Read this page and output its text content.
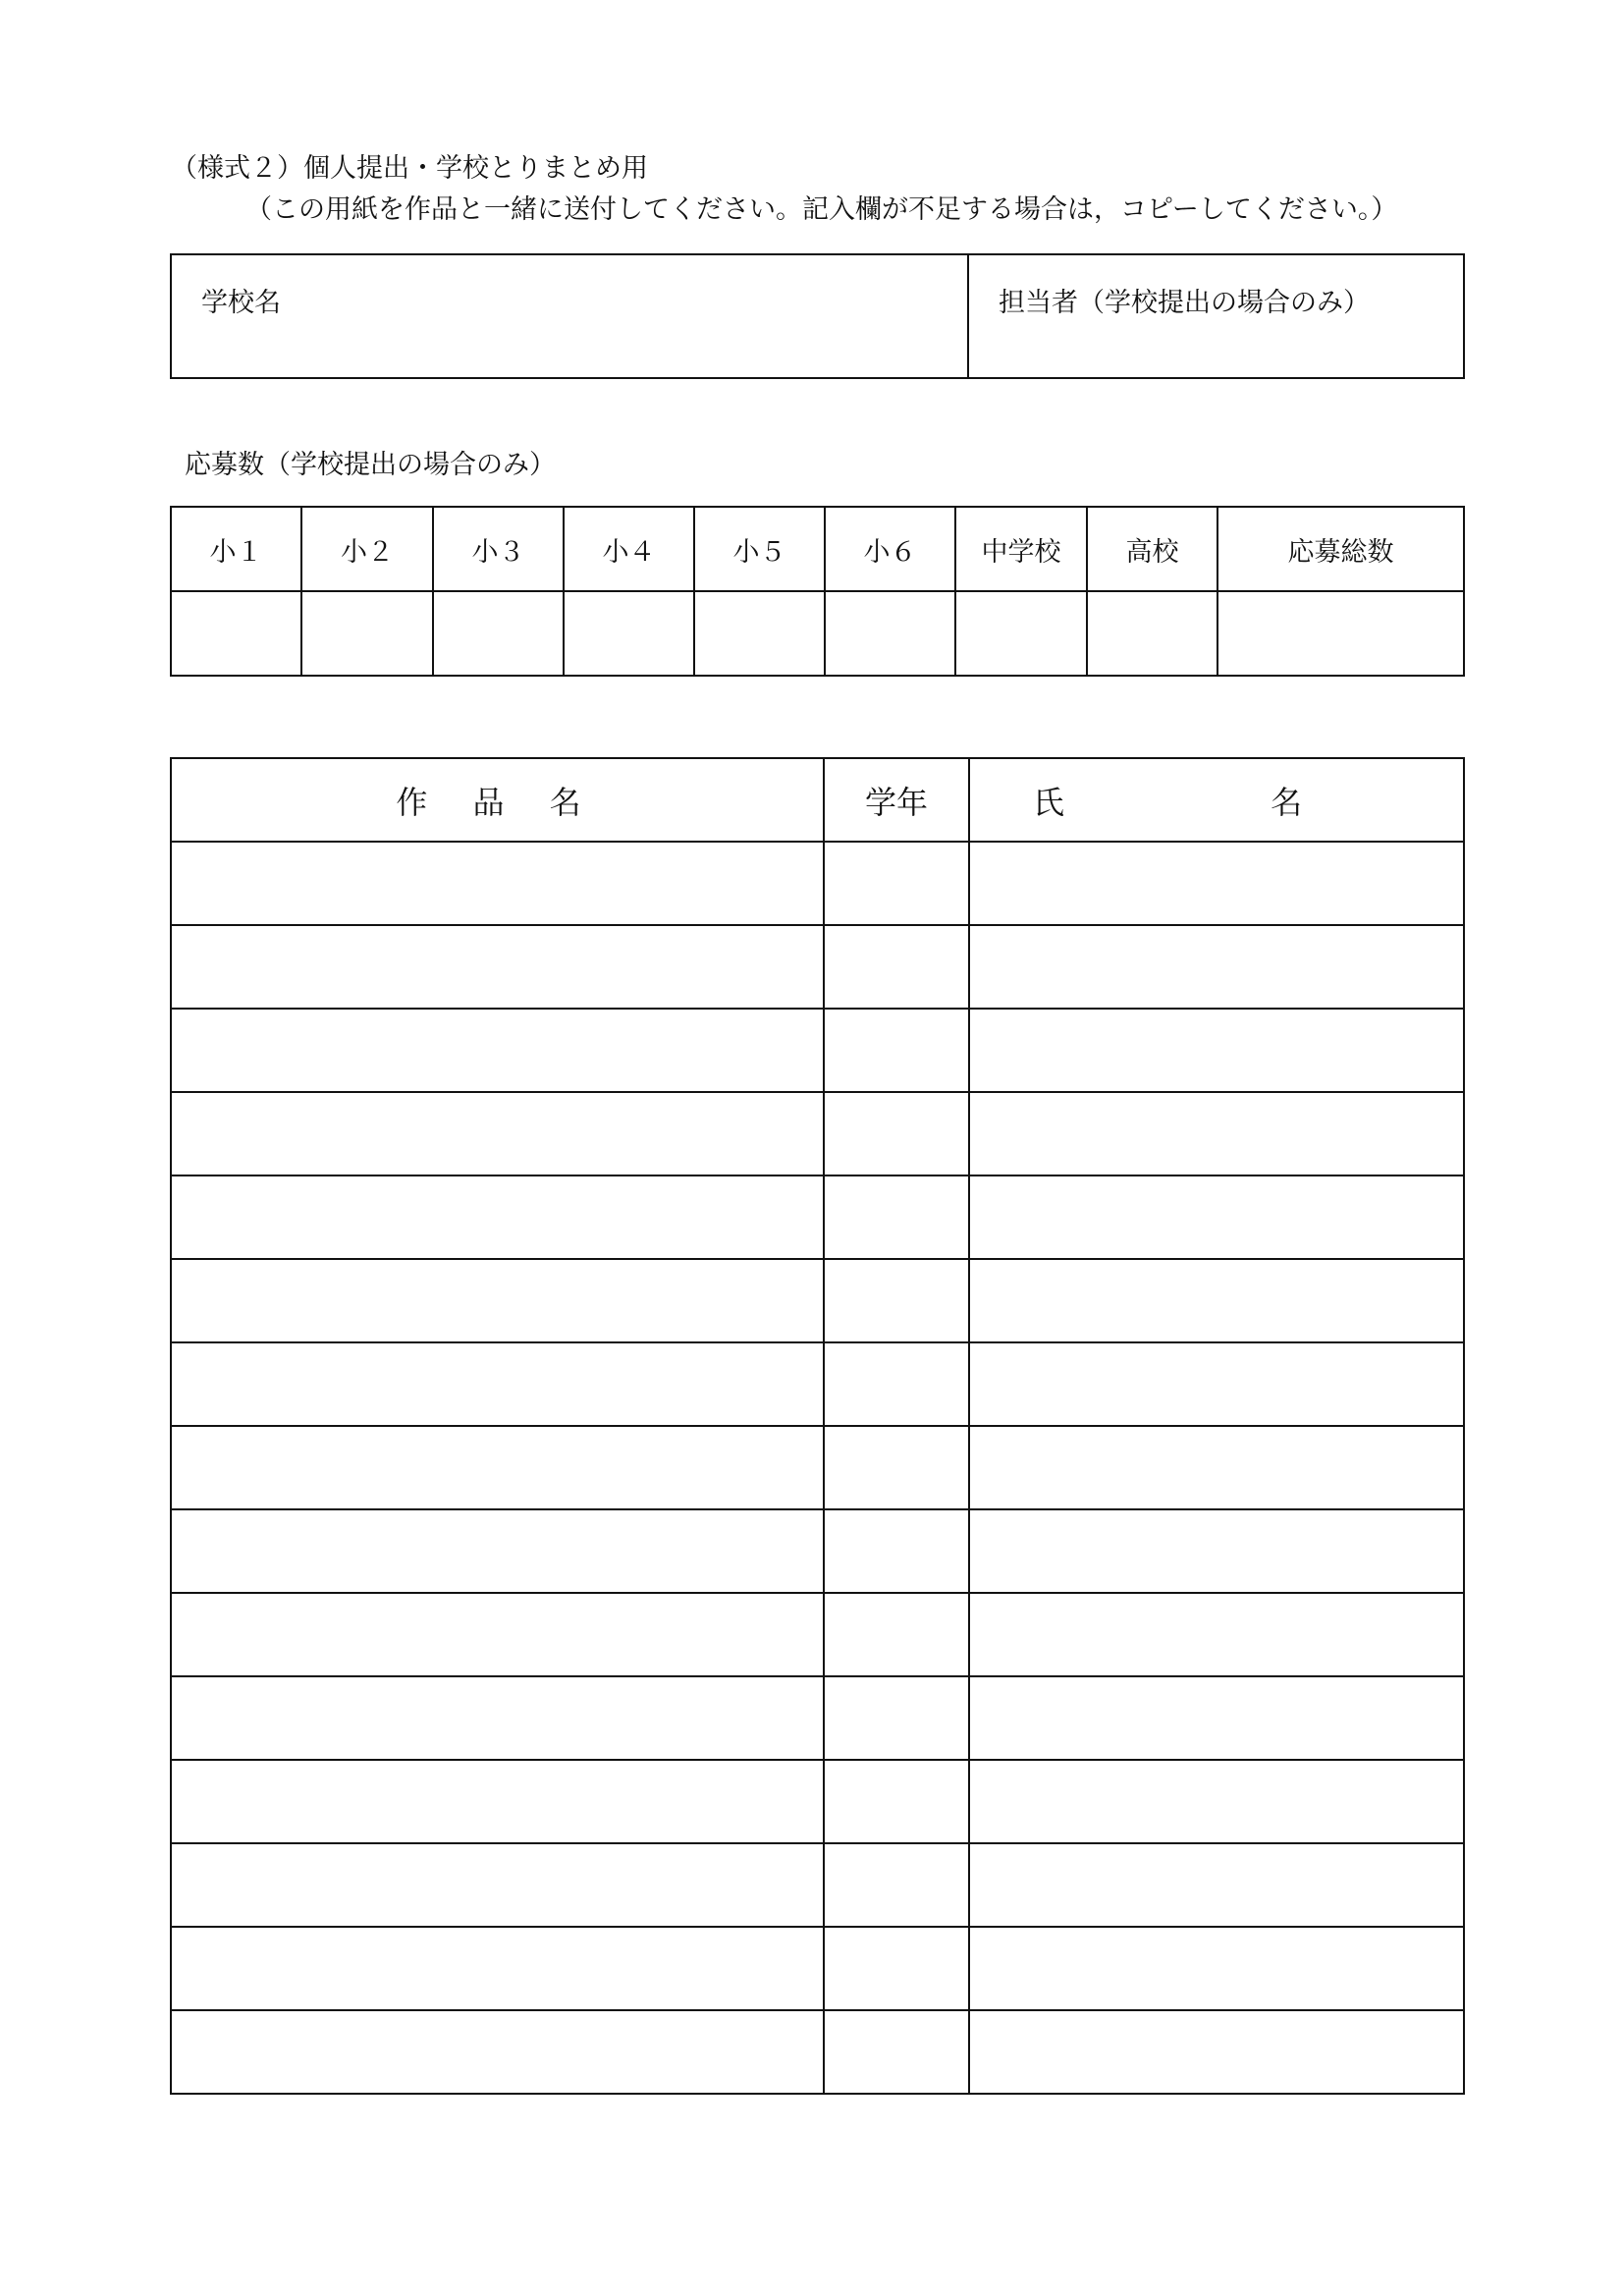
（様式２）個人提出・学校とりまとめ用
（この用紙を作品と一緒に送付してください。記入欄が不足する場合は，コピーしてください。）
学校名	担当者（学校提出の場合のみ）
応募数（学校提出の場合のみ）
小１	小２	小３	小４	小５	小６	中学校	高校	応募総数

作 品 名	学年	氏 名
